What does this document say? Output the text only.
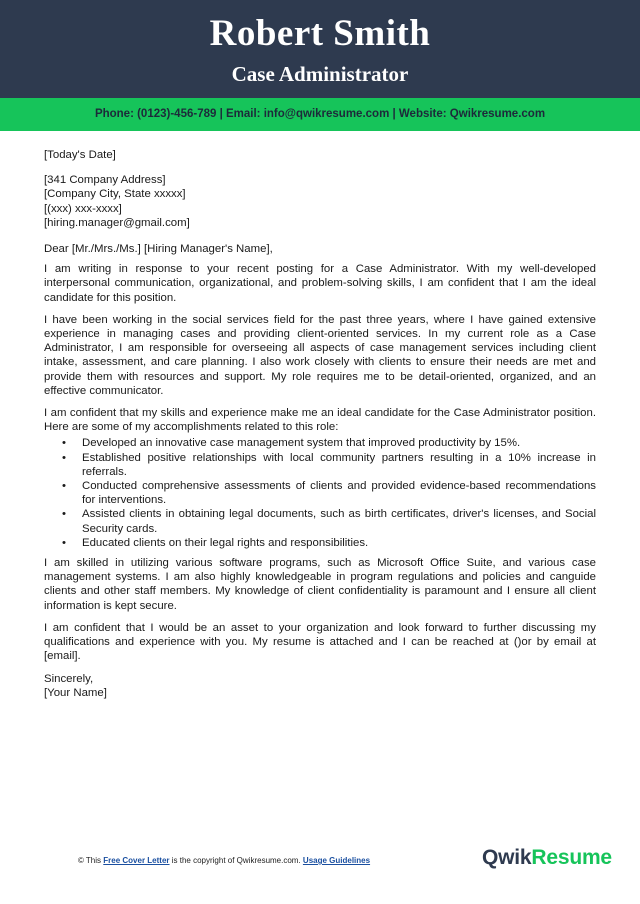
Robert Smith
Case Administrator
Phone: (0123)-456-789 | Email: info@qwikresume.com | Website: Qwikresume.com
[Today's Date]
[341 Company Address]
[Company City, State xxxxx]
[(xxx) xxx-xxxx]
[hiring.manager@gmail.com]
Dear [Mr./Mrs./Ms.] [Hiring Manager's Name],

I am writing in response to your recent posting for a Case Administrator. With my well-developed interpersonal communication, organizational, and problem-solving skills, I am confident that I am the ideal candidate for this position.

I have been working in the social services field for the past three years, where I have gained extensive experience in managing cases and providing client-oriented services. In my current role as a Case Administrator, I am responsible for overseeing all aspects of case management services including client intake, assessment, and care planning. I also work closely with clients to ensure their needs are met and provide them with resources and support. My role requires me to be detail-oriented, organized, and an effective communicator.

I am confident that my skills and experience make me an ideal candidate for the Case Administrator position. Here are some of my accomplishments related to this role:

• Developed an innovative case management system that improved productivity by 15%.
• Established positive relationships with local community partners resulting in a 10% increase in referrals.
• Conducted comprehensive assessments of clients and provided evidence-based recommendations for interventions.
• Assisted clients in obtaining legal documents, such as birth certificates, driver's licenses, and Social Security cards.
• Educated clients on their legal rights and responsibilities.

I am skilled in utilizing various software programs, such as Microsoft Office Suite, and various case management systems. I am also highly knowledgeable in program regulations and policies and canguide clients and other staff members. My knowledge of client confidentiality is paramount and I ensure all client information is kept secure.

I am confident that I would be an asset to your organization and look forward to further discussing my qualifications and experience with you. My resume is attached and I can be reached at ()or by email at [email].

Sincerely,
[Your Name]
© This Free Cover Letter is the copyright of Qwikresume.com. Usage Guidelines	QwikResume
